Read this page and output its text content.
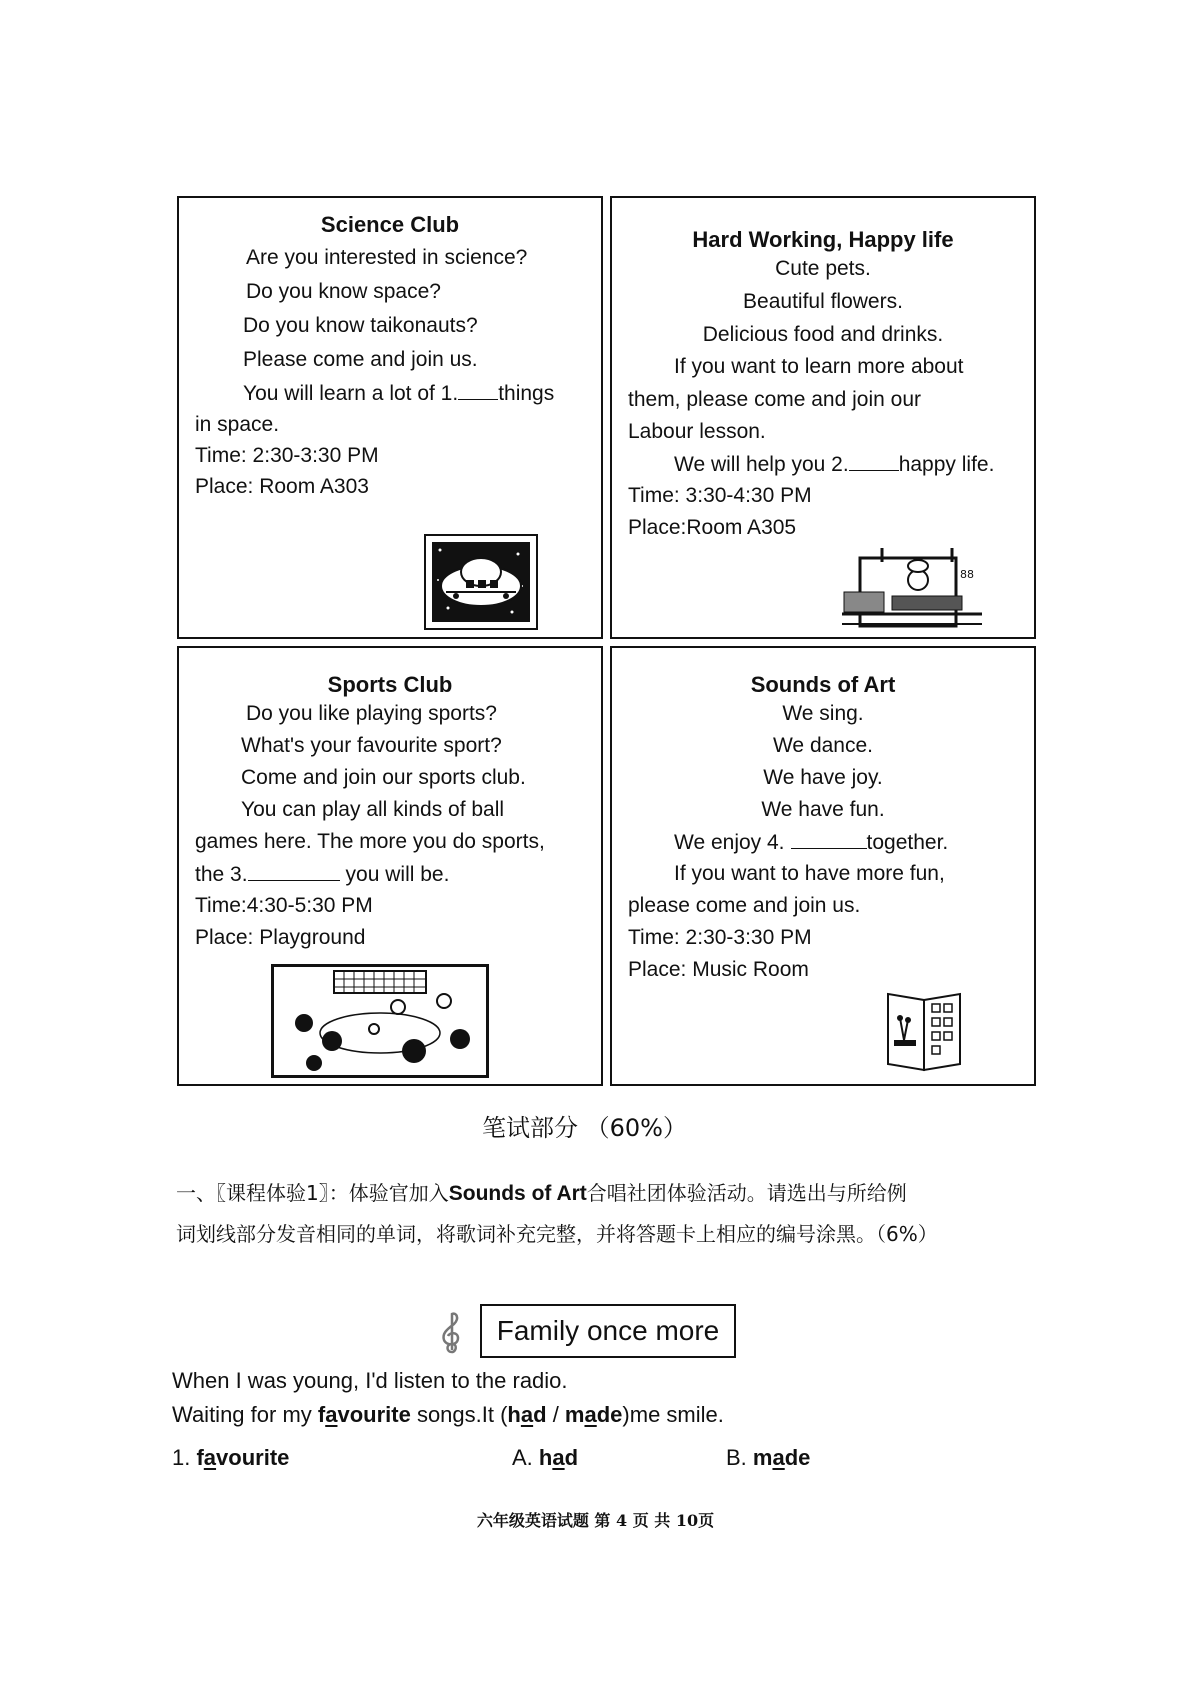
Science Club
Are you interested in science?
Do you know space?
Do you know taikonauts?
Please come and join us.
You will learn a lot of 1. things
in space.
Time: 2:30-3:30 PM
Place: Room A303
Hard Working, Happy life
Cute pets.
Beautiful flowers.
Delicious food and drinks.
If you want to learn more about
them, please come and join our
Labour lesson.
We will help you 2. happy life.
Time: 3:30-4:30 PM
Place:Room A305
88
Sports Club
Do you like playing sports?
What's your favourite sport?
Come and join our sports club.
You can play all kinds of ball
games here. The more you do sports,
the 3.	you will be.
Time:4:30-5:30 PM
Place: Playground
Sounds of Art
We sing.
We dance.
We have joy.
We have fun.
We enjoy 4.	together.
If you want to have more fun,
please come and join us.
Time: 2:30-3:30 PM
Place: Music Room
笔试部分 （60%）
一、〖课程体验1〗：体验官加入Sounds of Art合唱社团体验活动。请选出与所给例
词划线部分发音相同的单词，将歌词补充完整，并将答题卡上相应的编号涂黑。（6%）
Family once more
When I was young, I'd listen to the radio.
Waiting for my favourite songs.It (had / made)me smile.
1. favourite	A. had	B. made
六年级英语试题 第 4 页 共 10页
